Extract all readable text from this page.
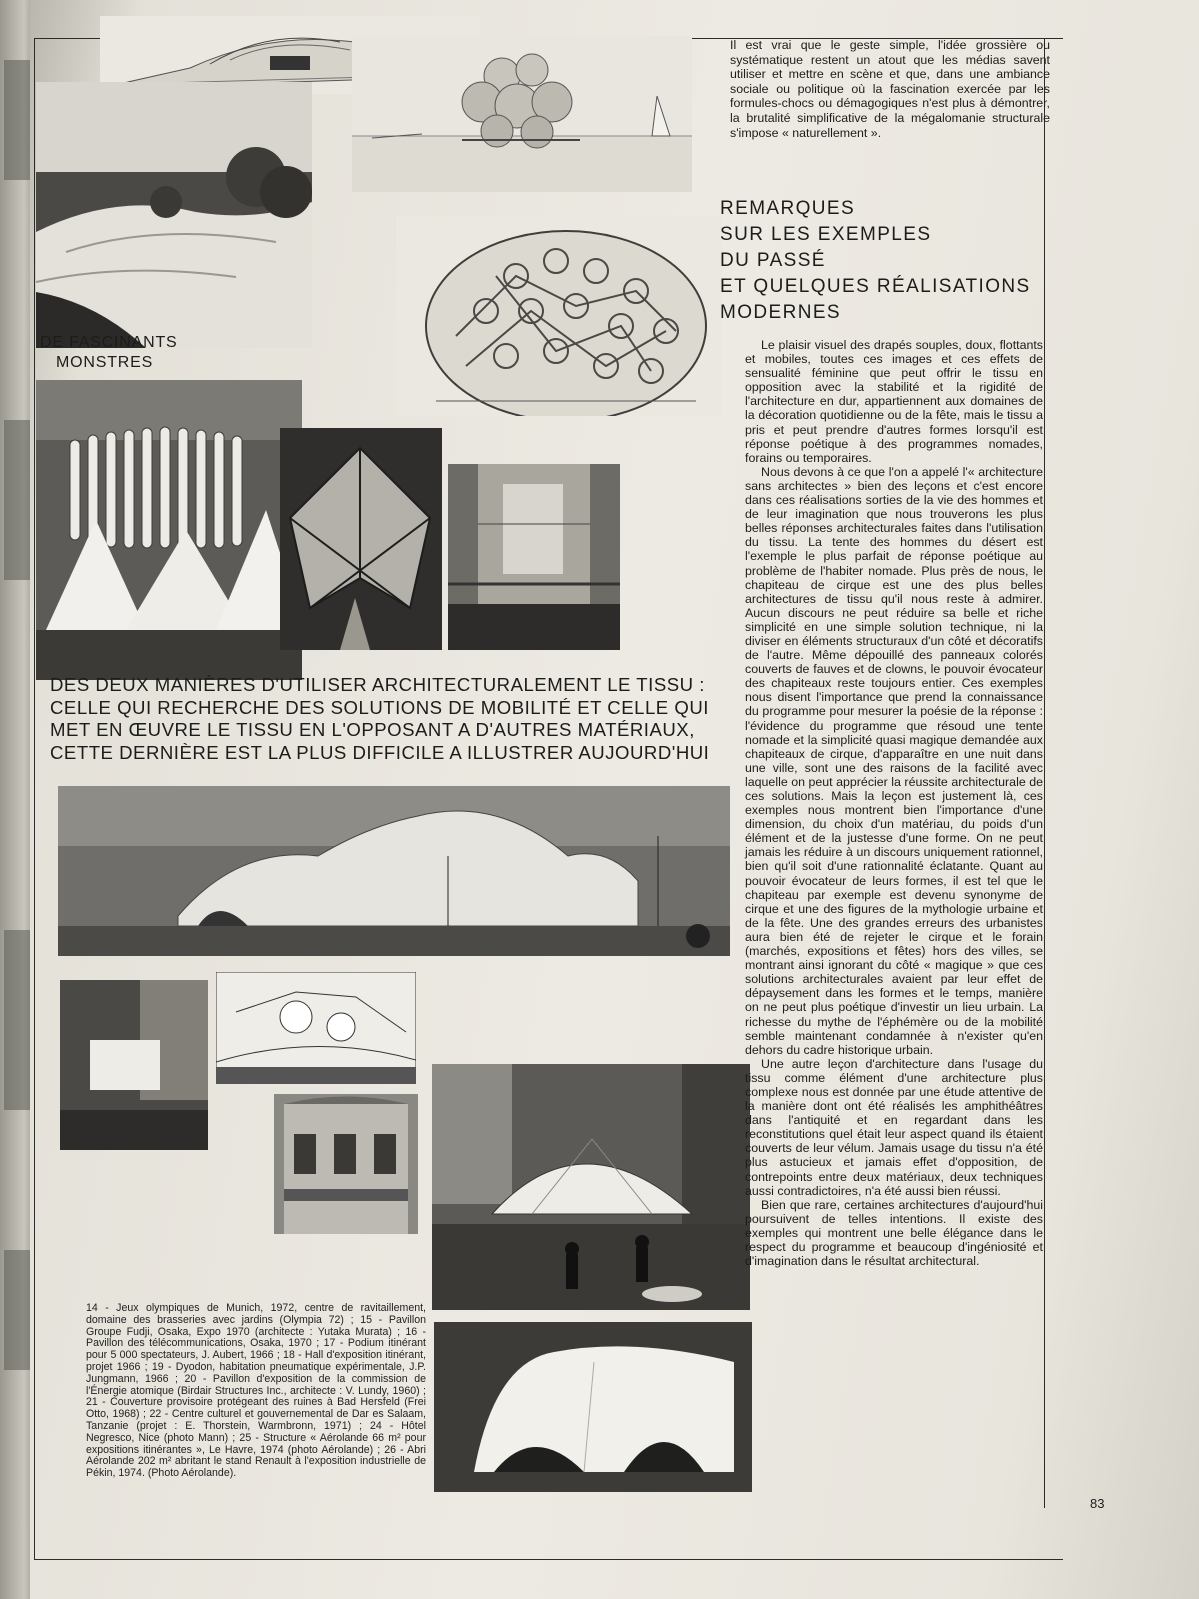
DE FASCINANTS
MONSTRES
DES DEUX MANIÈRES D'UTILISER ARCHITECTURALEMENT LE TISSU :
CELLE QUI RECHERCHE DES SOLUTIONS DE MOBILITÉ ET CELLE QUI
MET EN ŒUVRE LE TISSU EN L'OPPOSANT A D'AUTRES MATÉRIAUX,
CETTE DERNIÈRE EST LA PLUS DIFFICILE A ILLUSTRER AUJOURD'HUI
14 - Jeux olympiques de Munich, 1972, centre de ravitaillement, domaine des brasseries avec jardins (Olympia 72) ; 15 - Pavillon Groupe Fudji, Osaka, Expo 1970 (architecte : Yutaka Murata) ; 16 - Pavillon des télécommunications, Osaka, 1970 ; 17 - Podium itinérant pour 5 000 spectateurs, J. Aubert, 1966 ; 18 - Hall d'exposition itinérant, projet 1966 ; 19 - Dyodon, habitation pneumatique expérimentale, J.P. Jungmann, 1966 ; 20 - Pavillon d'exposition de la commission de l'Énergie atomique (Birdair Structures Inc., architecte : V. Lundy, 1960) ; 21 - Couverture provisoire protégeant des ruines à Bad Hersfeld (Frei Otto, 1968) ; 22 - Centre culturel et gouvernemental de Dar es Salaam, Tanzanie (projet : E. Thorstein, Warmbronn, 1971) ; 24 - Hôtel Negresco, Nice (photo Mann) ; 25 - Structure « Aérolande 66 m² pour expositions itinérantes », Le Havre, 1974 (photo Aérolande) ; 26 - Abri Aérolande 202 m² abritant le stand Renault à l'exposition industrielle de Pékin, 1974. (Photo Aérolande).

Il est vrai que le geste simple, l'idée grossière ou systématique restent un atout que les médias savent utiliser et mettre en scène et que, dans une ambiance sociale ou politique où la fascination exercée par les formules-chocs ou démagogiques n'est plus à démontrer, la brutalité simplificative de la mégalomanie structurale s'impose « naturellement ».

REMARQUES
SUR LES EXEMPLES
DU PASSÉ
ET QUELQUES RÉALISATIONS
MODERNES

Le plaisir visuel des drapés souples, doux, flottants et mobiles, toutes ces images et ces effets de sensualité féminine que peut offrir le tissu en opposition avec la stabilité et la rigidité de l'architecture en dur, appartiennent aux domaines de la décoration quotidienne ou de la fête, mais le tissu a pris et peut prendre d'autres formes lorsqu'il est réponse poétique à des programmes nomades, forains ou temporaires.

Nous devons à ce que l'on a appelé l'« architecture sans architectes » bien des leçons et c'est encore dans ces réalisations sorties de la vie des hommes et de leur imagination que nous trouverons les plus belles réponses architecturales faites dans l'utilisation du tissu. La tente des hommes du désert est l'exemple le plus parfait de réponse poétique au problème de l'habiter nomade. Plus près de nous, le chapiteau de cirque est une des plus belles architectures de tissu qu'il nous reste à admirer. Aucun discours ne peut réduire sa belle et riche simplicité en une simple solution technique, ni la diviser en éléments structuraux d'un côté et décoratifs de l'autre. Même dépouillé des panneaux colorés couverts de fauves et de clowns, le pouvoir évocateur des chapiteaux reste toujours entier. Ces exemples nous disent l'importance que prend la connaissance du programme pour mesurer la poésie de la réponse : l'évidence du programme que résoud une tente nomade et la simplicité quasi magique demandée aux chapiteaux de cirque, d'apparaître en une nuit dans une ville, sont une des raisons de la facilité avec laquelle on peut apprécier la réussite architecturale de ces solutions. Mais la leçon est justement là, ces exemples nous montrent bien l'importance d'une dimension, du choix d'un matériau, du poids d'un élément et de la justesse d'une forme. On ne peut jamais les réduire à un discours uniquement rationnel, bien qu'il soit d'une rationnalité éclatante. Quant au pouvoir évocateur de leurs formes, il est tel que le chapiteau par exemple est devenu synonyme de cirque et une des figures de la mythologie urbaine et de la fête. Une des grandes erreurs des urbanistes aura bien été de rejeter le cirque et le forain (marchés, expositions et fêtes) hors des villes, se montrant ainsi ignorant du côté « magique » que ces solutions architecturales avaient par leur effet de dépaysement dans les formes et le temps, manière on ne peut plus poétique d'investir un lieu urbain. La richesse du mythe de l'éphémère ou de la mobilité semble maintenant condamnée à n'exister qu'en dehors du cadre historique urbain.

Une autre leçon d'architecture dans l'usage du tissu comme élément d'une architecture plus complexe nous est donnée par une étude attentive de la manière dont ont été réalisés les amphithéâtres dans l'antiquité et en regardant dans les reconstitutions quel était leur aspect quand ils étaient couverts de leur vélum. Jamais usage du tissu n'a été plus astucieux et jamais effet d'opposition, de contrepoints entre deux matériaux, deux techniques aussi contradictoires, n'a été aussi bien réussi.

Bien que rare, certaines architectures d'aujourd'hui poursuivent de telles intentions. Il existe des exemples qui montrent une belle élégance dans le respect du programme et beaucoup d'ingéniosité et d'imagination dans le résultat architectural.

83
